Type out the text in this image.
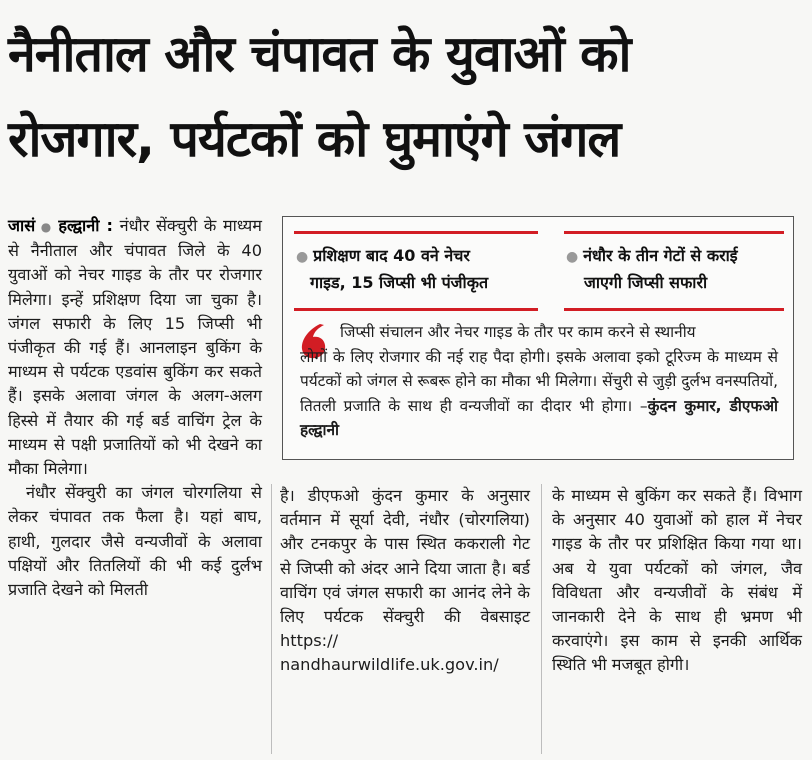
नैनीताल और चंपावत के युवाओं को
रोजगार, पर्यटकों को घुमाएंगे जंगल

जासं ● हल्द्वानी : नंधौर सेंक्चुरी के माध्यम से नैनीताल और चंपावत जिले के 40 युवाओं को नेचर गाइड के तौर पर रोजगार मिलेगा। इन्हें प्रशिक्षण दिया जा चुका है। जंगल सफारी के लिए 15 जिप्सी भी पंजीकृत की गई हैं। आनलाइन बुकिंग के माध्यम से पर्यटक एडवांस बुकिंग कर सकते हैं। इसके अलावा जंगल के अलग-अलग हिस्से में तैयार की गई बर्ड वाचिंग ट्रेल के माध्यम से पक्षी प्रजातियों को भी देखने का मौका मिलेगा।

नंधौर सेंक्चुरी का जंगल चोरगलिया से लेकर चंपावत तक फैला है। यहां बाघ, हाथी, गुलदार जैसे वन्यजीवों के अलावा पक्षियों और तितलियों की भी कई दुर्लभ प्रजाति देखने को मिलती

● प्रशिक्षण बाद 40 वने नेचर
गाइड, 15 जिप्सी भी पंजीकृत
● नंधौर के तीन गेटों से कराई
जाएगी जिप्सी सफारी
जिप्सी संचालन और नेचर गाइड के तौर पर काम करने से स्थानीय
लोगों के लिए रोजगार की नई राह पैदा होगी। इसके अलावा इको टूरिज्म के माध्यम से पर्यटकों को जंगल से रूबरू होने का मौका भी मिलेगा। सेंचुरी से जुड़ी दुर्लभ वनस्पतियों, तितली प्रजाति के साथ ही वन्यजीवों का दीदार भी होगा। –कुंदन कुमार, डीएफओ हल्द्वानी

है। डीएफओ कुंदन कुमार के अनुसार वर्तमान में सूर्या देवी, नंधौर (चोरगलिया) और टनकपुर के पास स्थित ककराली गेट से जिप्सी को अंदर आने दिया जाता है। बर्ड वाचिंग एवं जंगल सफारी का आनंद लेने के लिए पर्यटक सेंक्चुरी की वेबसाइट https:// nandhaurwildlife.uk.gov.in/

के माध्यम से बुकिंग कर सकते हैं। विभाग के अनुसार 40 युवाओं को हाल में नेचर गाइड के तौर पर प्रशिक्षित किया गया था। अब ये युवा पर्यटकों को जंगल, जैव विविधता और वन्यजीवों के संबंध में जानकारी देने के साथ ही भ्रमण भी करवाएंगे। इस काम से इनकी आर्थिक स्थिति भी मजबूत होगी।
